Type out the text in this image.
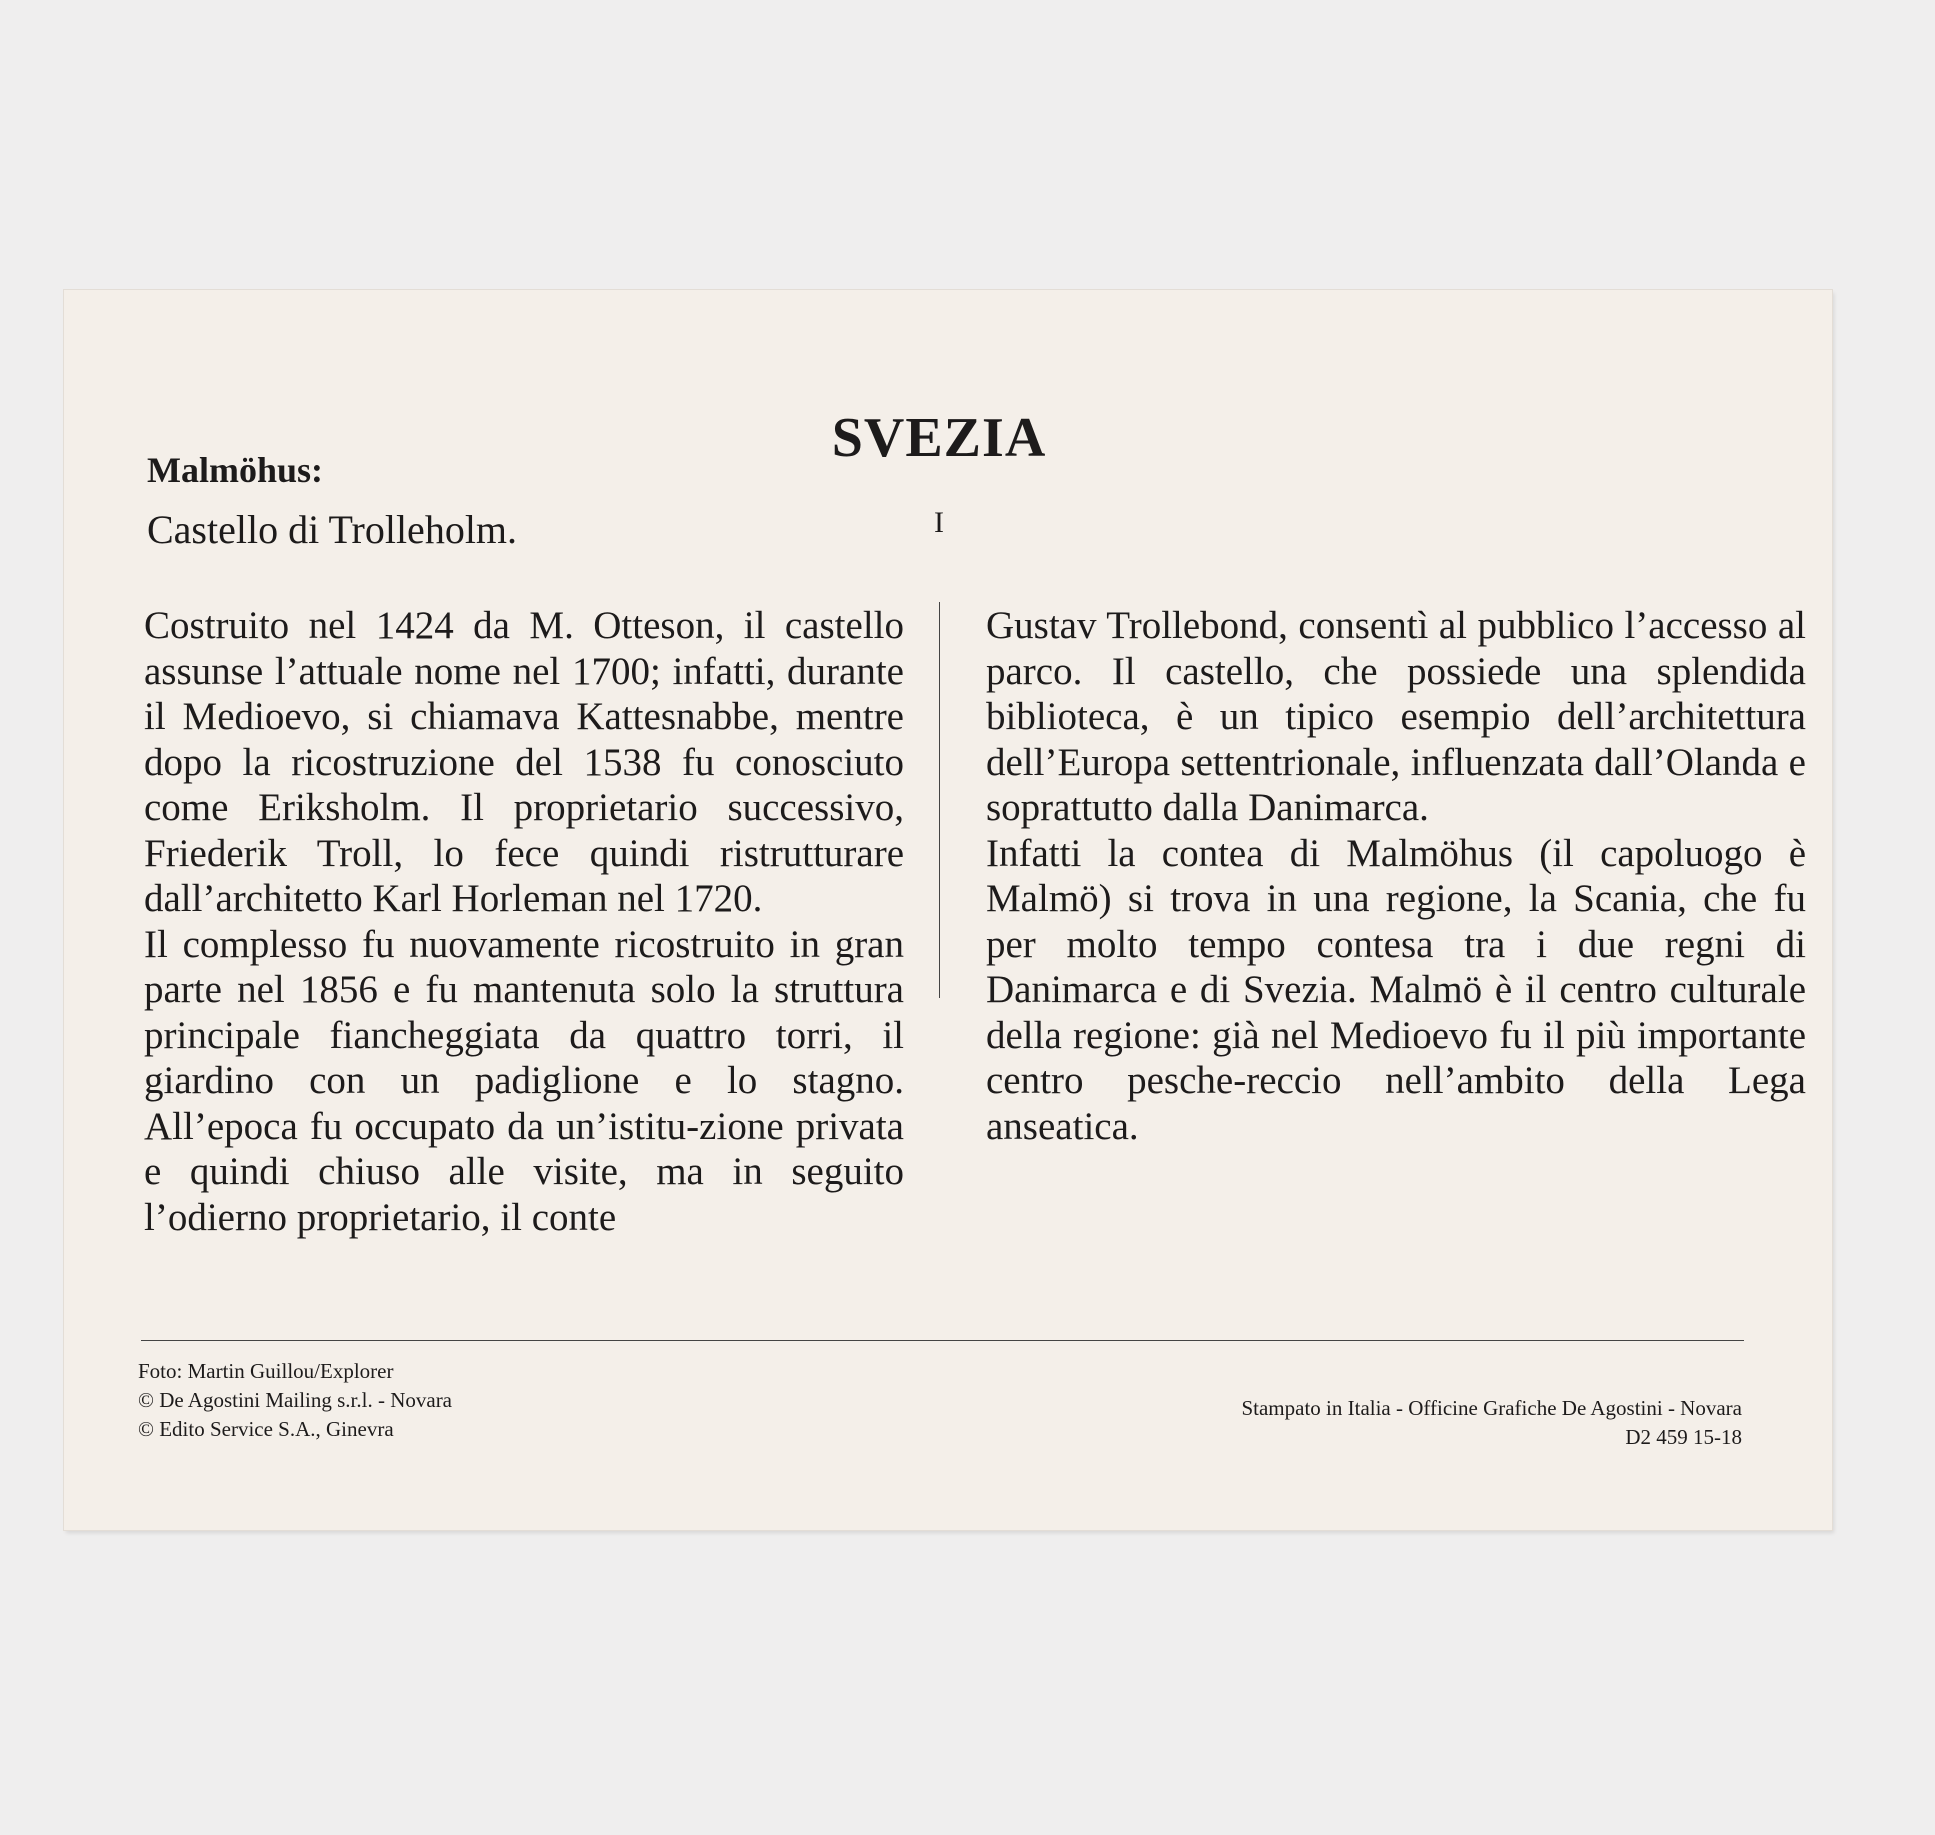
SVEZIA
Malmöhus:
Castello di Trolleholm.	I

Costruito nel 1424 da M. Otteson, il castello assunse l’attuale nome nel 1700; infatti, durante il Medioevo, si chiamava Kattesnabbe, mentre dopo la ricostruzione del 1538 fu conosciuto come Eriksholm. Il proprietario successivo, Friederik Troll, lo fece quindi ristrutturare dall’architetto Karl Horleman nel 1720.

Il complesso fu nuovamente ricostruito in gran parte nel 1856 e fu mantenuta solo la struttura principale fiancheggiata da quattro torri, il giardino con un padiglione e lo stagno. All’epoca fu occupato da un’istitu-zione privata e quindi chiuso alle visite, ma in seguito l’odierno proprietario, il conte

Gustav Trollebond, consentì al pubblico l’accesso al parco. Il castello, che possiede una splendida biblioteca, è un tipico esempio dell’architettura dell’Europa settentrionale, influenzata dall’Olanda e soprattutto dalla Danimarca.

Infatti la contea di Malmöhus (il capoluogo è Malmö) si trova in una regione, la Scania, che fu per molto tempo contesa tra i due regni di Danimarca e di Svezia. Malmö è il centro culturale della regione: già nel Medioevo fu il più importante centro pesche-reccio nell’ambito della Lega anseatica.

Foto: Martin Guillou/Explorer
© De Agostini Mailing s.r.l. - Novara
© Edito Service S.A., Ginevra
Stampato in Italia - Officine Grafiche De Agostini - Novara
D2 459 15-18
